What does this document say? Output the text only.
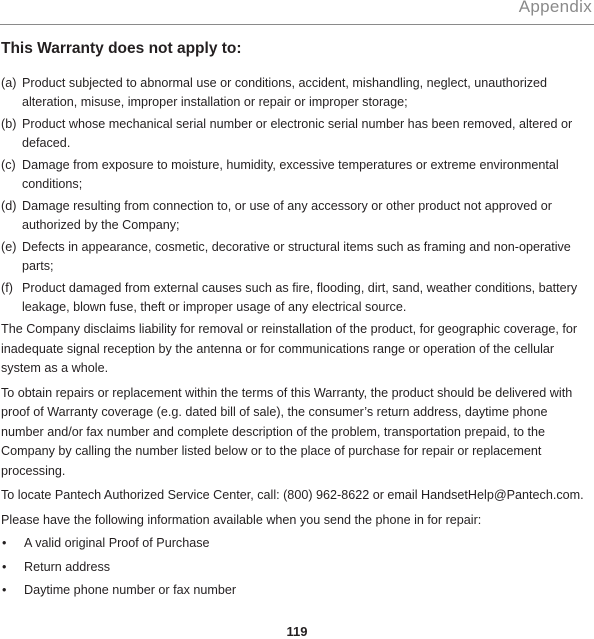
Appendix
This Warranty does not apply to:
(a) Product subjected to abnormal use or conditions, accident, mishandling, neglect, unauthorized alteration, misuse, improper installation or repair or improper storage;
(b) Product whose mechanical serial number or electronic serial number has been removed, altered or defaced.
(c) Damage from exposure to moisture, humidity, excessive temperatures or extreme environmental conditions;
(d) Damage resulting from connection to, or use of any accessory or other product not approved or authorized by the Company;
(e) Defects in appearance, cosmetic, decorative or structural items such as framing and non-operative parts;
(f) Product damaged from external causes such as fire, flooding, dirt, sand, weather conditions, battery leakage, blown fuse, theft or improper usage of any electrical source.

The Company disclaims liability for removal or reinstallation of the product, for geographic coverage, for inadequate signal reception by the antenna or for communications range or operation of the cellular system as a whole.

To obtain repairs or replacement within the terms of this Warranty, the product should be delivered with proof of Warranty coverage (e.g. dated bill of sale), the consumer’s return address, daytime phone number and/or fax number and complete description of the problem, transportation prepaid, to the Company by calling the number listed below or to the place of purchase for repair or replacement processing.

To locate Pantech Authorized Service Center, call: (800) 962-8622 or email HandsetHelp@Pantech.com.

Please have the following information available when you send the phone in for repair:

• A valid original Proof of Purchase
• Return address
• Daytime phone number or fax number
119
